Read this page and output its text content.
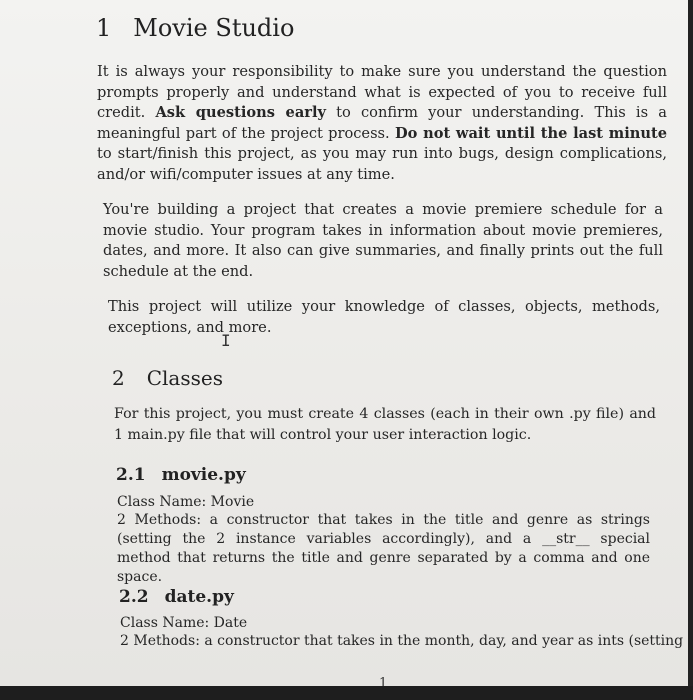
1 Movie Studio

It is always your responsibility to make sure you understand the question prompts properly and understand what is expected of you to receive full credit. Ask questions early to confirm your understanding. This is a meaningful part of the project process. Do not wait until the last minute to start/finish this project, as you may run into bugs, design complications, and/or wifi/computer issues at any time.

You're building a project that creates a movie premiere schedule for a movie studio. Your program takes in information about movie premieres, dates, and more. It also can give summaries, and finally prints out the full schedule at the end.

This project will utilize your knowledge of classes, objects, methods, exceptions, and more.

I
2 Classes

For this project, you must create 4 classes (each in their own .py file) and 1 main.py file that will control your user interaction logic.

2.1 movie.py

Class Name: Movie

2 Methods: a constructor that takes in the title and genre as strings (setting the 2 instance variables accordingly), and a __str__ special method that returns the title and genre separated by a comma and one space.

2.2 date.py

Class Name: Date

2 Methods: a constructor that takes in the month, day, and year as ints (setting

1
